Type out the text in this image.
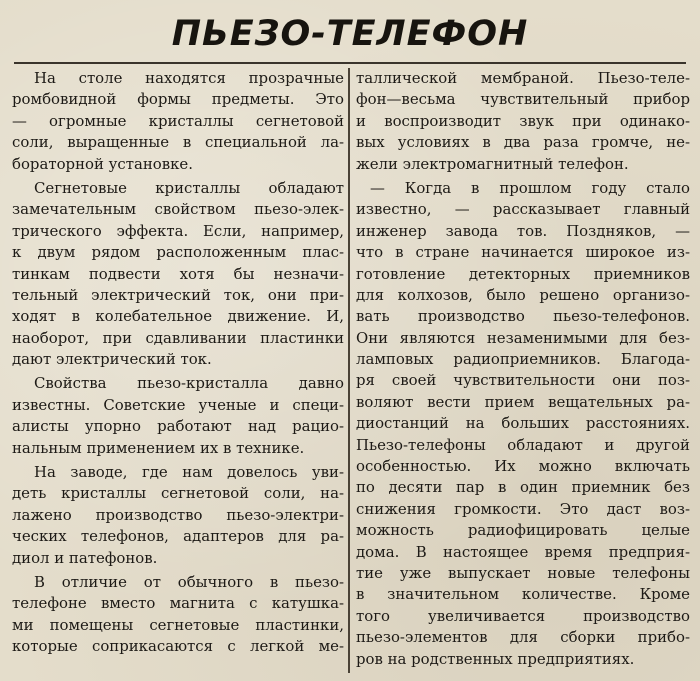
ПЬЕЗО-ТЕЛЕФОН
На столе находятся прозрачные
ромбовидной формы предметы. Это
— огромные кристаллы сегнетовой
соли, выращенные в специальной ла-
бораторной установке.
Сегнетовые кристаллы обладают
замечательным свойством пьезо-элек-
трического эффекта. Если, например,
к двум рядом расположенным плас-
тинкам подвести хотя бы незначи-
тельный электрический ток, они при-
ходят в колебательное движение. И,
наоборот, при сдавливании пластинки
дают электрический ток.
Свойства пьезо-кристалла давно
известны. Советские ученые и специ-
алисты упорно работают над рацио-
нальным применением их в технике.
На заводе, где нам довелось уви-
деть кристаллы сегнетовой соли, на-
лажено производство пьезо-электри-
ческих телефонов, адаптеров для ра-
диол и патефонов.
В отличие от обычного в пьезо-
телефоне вместо магнита с катушка-
ми помещены сегнетовые пластинки,
которые соприкасаются с легкой ме-
таллической мембраной. Пьезо-теле-
фон—весьма чувствительный прибор
и воспроизводит звук при одинако-
вых условиях в два раза громче, не-
жели электромагнитный телефон.
— Когда в прошлом году стало
известно, — рассказывает главный
инженер завода тов. Поздняков, —
что в стране начинается широкое из-
готовление детекторных приемников
для колхозов, было решено организо-
вать производство пьезо-телефонов.
Они являются незаменимыми для без-
ламповых радиоприемников. Благода-
ря своей чувствительности они поз-
воляют вести прием вещательных ра-
диостанций на больших расстояниях.
Пьезо-телефоны обладают и другой
особенностью. Их можно включать
по десяти пар в один приемник без
снижения громкости. Это даст воз-
можность радиофицировать целые
дома. В настоящее время предприя-
тие уже выпускает новые телефоны
в значительном количестве. Кроме
того увеличивается производство
пьезо-элементов для сборки прибо-
ров на родственных предприятиях.
